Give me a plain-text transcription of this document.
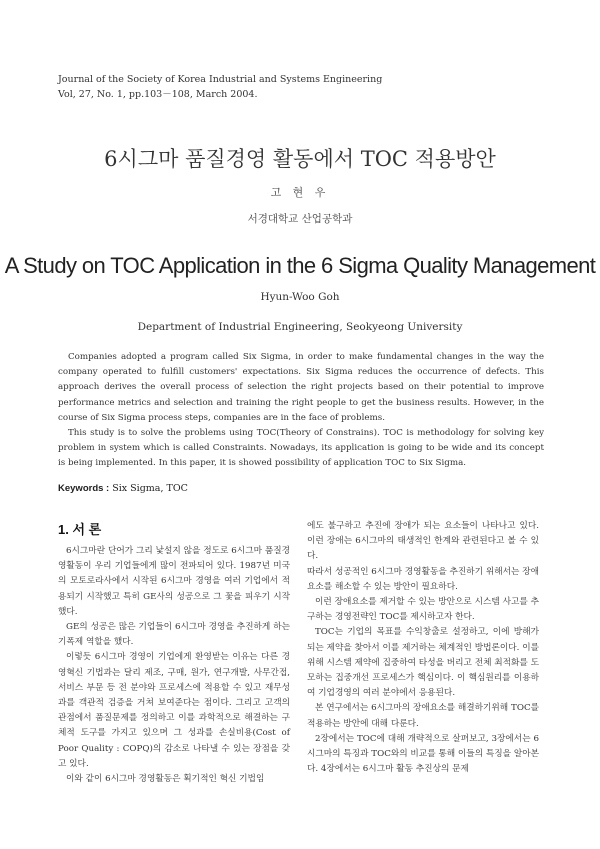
Journal of the Society of Korea Industrial and Systems Engineering
Vol, 27, No. 1, pp.103－108, March 2004.
6시그마 품질경영 활동에서 TOC 적용방안
고 현 우
서경대학교 산업공학과
A Study on TOC Application in the 6 Sigma Quality Management
Hyun-Woo Goh
Department of Industrial Engineering, Seokyeong University

Companies adopted a program called Six Sigma, in order to make fundamental changes in the way the company operated to fulfill customers' expectations. Six Sigma reduces the occurrence of defects. This approach derives the overall process of selection the right projects based on their potential to improve performance metrics and selection and training the right people to get the business results. However, in the course of Six Sigma process steps, companies are in the face of problems.

This study is to solve the problems using TOC(Theory of Constrains). TOC is methodology for solving key problem in system which is called Constraints. Nowadays, its application is going to be wide and its concept is being implemented. In this paper, it is showed possibility of application TOC to Six Sigma.

Keywords : Six Sigma, TOC
1. 서 론

6시그마란 단어가 그리 낯설지 않을 정도로 6시그마 품질경영활동이 우리 기업들에게 많이 전파되어 있다. 1987년 미국의 모토로라사에서 시작된 6시그마 경영을 여러 기업에서 적용되기 시작했고 특히 GE사의 성공으로 그 꽃을 피우기 시작했다.

GE의 성공은 많은 기업들이 6시그마 경영을 추진하게 하는 기폭제 역할을 했다.

이렇듯 6시그마 경영이 기업에게 환영받는 이유는 다른 경영혁신 기법과는 달리 제조, 구매, 원가, 연구개발, 사무간접, 서비스 부문 등 전 분야와 프로세스에 적용할 수 있고 재무성과를 객관적 검증을 거쳐 보여준다는 점이다. 그리고 고객의 관점에서 품질문제를 정의하고 이를 과학적으로 해결하는 구체적 도구를 가지고 있으며 그 성과를 손실비용(Cost of Poor Quality : COPQ)의 감소로 나타낼 수 있는 장점을 갖고 있다.

이와 같이 6시그마 경영활동은 획기적인 혁신 기법임

에도 불구하고 추진에 장애가 되는 요소들이 나타나고 있다. 이런 장애는 6시그마의 태생적인 한계와 관련된다고 볼 수 있다.

따라서 성공적인 6시그마 경영활동을 추진하기 위해서는 장애요소를 해소할 수 있는 방안이 필요하다.

이런 장애요소를 제거할 수 있는 방안으로 시스템 사고를 추구하는 경영전략인 TOC를 제시하고자 한다.

TOC는 기업의 목표를 수익창출로 설정하고, 이에 방해가 되는 제약을 찾아서 이를 제거하는 체계적인 방법론이다. 이를 위해 시스템 제약에 집중하여 타성을 버리고 전체 최적화를 도모하는 집중개선 프로세스가 핵심이다. 이 핵심원리를 이용하여 기업경영의 여러 분야에서 응용된다.

본 연구에서는 6시그마의 장애요소를 해결하기위해 TOC를 적용하는 방안에 대해 다룬다.

2장에서는 TOC에 대해 개략적으로 살펴보고, 3장에서는 6시그마의 특징과 TOC와의 비교를 통해 이들의 특징을 알아본다. 4장에서는 6시그마 활동 추진상의 문제
